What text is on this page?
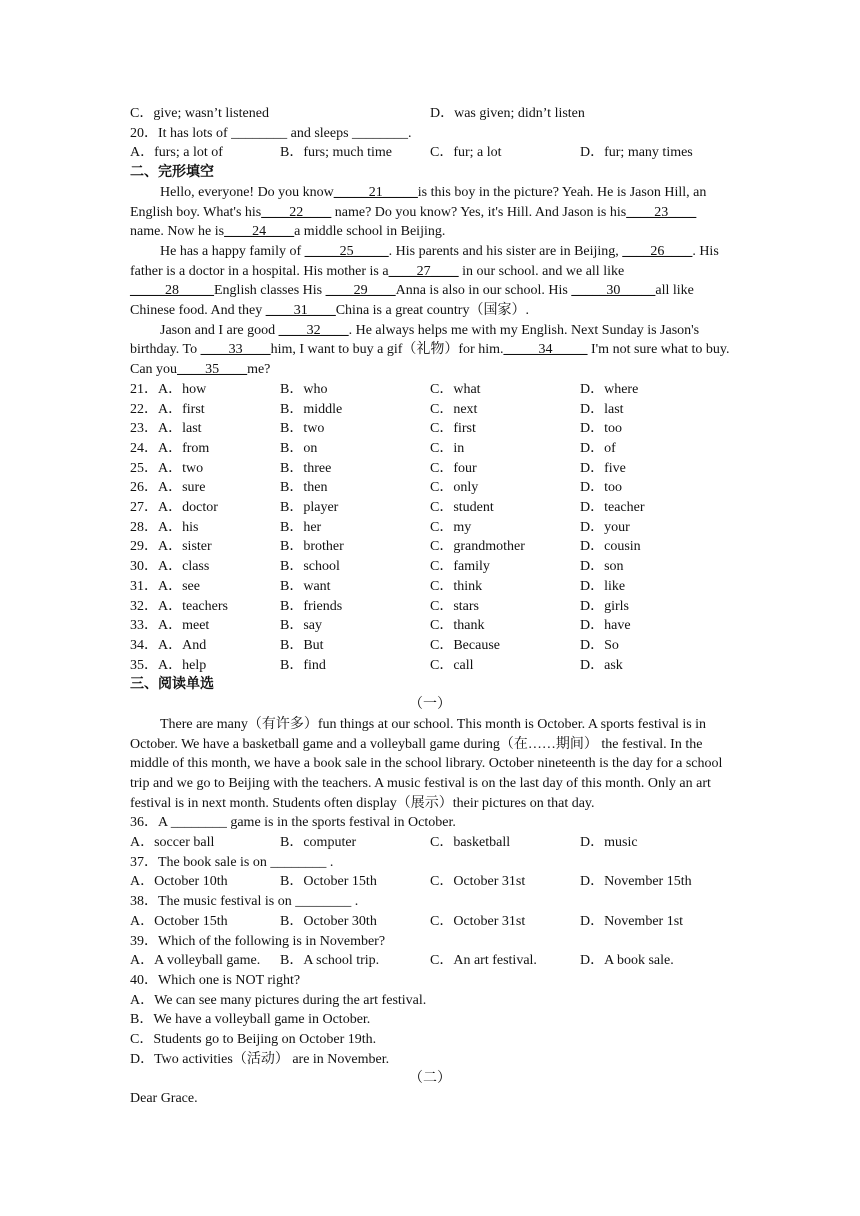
C．give; wasn’t listened	D．was given; didn’t listen
20．It has lots of ________ and sleeps ________.
A．furs; a lot of	B．furs; much time	C．fur; a lot	D．fur; many times
二、完形填空
Hello, everyone! Do you know_____21_____is this boy in the picture? Yeah. He is Jason Hill, an English boy. What's his____22____ name? Do you know? Yes, it's Hill. And Jason is his____23____ name. Now he is____24____a middle school in Beijing.
He has a happy family of _____25_____. His parents and his sister are in Beijing, ____26____. His father is a doctor in a hospital. His mother is a____27____ in our school. and we all like _____28_____English classes His ____29____Anna is also in our school. His _____30_____all like Chinese food. And they ____31____China is a great country（国家）.
Jason and I are good ____32____. He always helps me with my English. Next Sunday is Jason's birthday. To ____33____him, I want to buy a gif（礼物）for him._____34_____ I'm not sure what to buy. Can you____35____me?
21．A．how	B．who	C．what	D．where
22．A．first	B．middle	C．next	D．last
23．A．last	B．two	C．first	D．too
24．A．from	B．on	C．in	D．of
25．A．two	B．three	C．four	D．five
26．A．sure	B．then	C．only	D．too
27．A．doctor	B．player	C．student	D．teacher
28．A．his	B．her	C．my	D．your
29．A．sister	B．brother	C．grandmother	D．cousin
30．A．class	B．school	C．family	D．son
31．A．see	B．want	C．think	D．like
32．A．teachers	B．friends	C．stars	D．girls
33．A．meet	B．say	C．thank	D．have
34．A．And	B．But	C．Because	D．So
35．A．help	B．find	C．call	D．ask
三、阅读单选
（一）
There are many（有许多）fun things at our school. This month is October. A sports festival is in October. We have a basketball game and a volleyball game during（在……期间） the festival. In the middle of this month, we have a book sale in the school library. October nineteenth is the day for a school trip and we go to Beijing with the teachers. A music festival is on the last day of this month. Only an art festival is in next month. Students often display（展示）their pictures on that day.
36．A ________ game is in the sports festival in October.
A．soccer ball	B．computer	C．basketball	D．music
37．The book sale is on ________ .
A．October 10th	B．October 15th	C．October 31st	D．November 15th
38．The music festival is on ________ .
A．October 15th	B．October 30th	C．October 31st	D．November 1st
39．Which of the following is in November?
A．A volleyball game.	B．A school trip.	C．An art festival.	D．A book sale.
40．Which one is NOT right?
A．We can see many pictures during the art festival.
B．We have a volleyball game in October.
C．Students go to Beijing on October 19th.
D．Two activities（活动） are in November.
（二）
Dear Grace.
